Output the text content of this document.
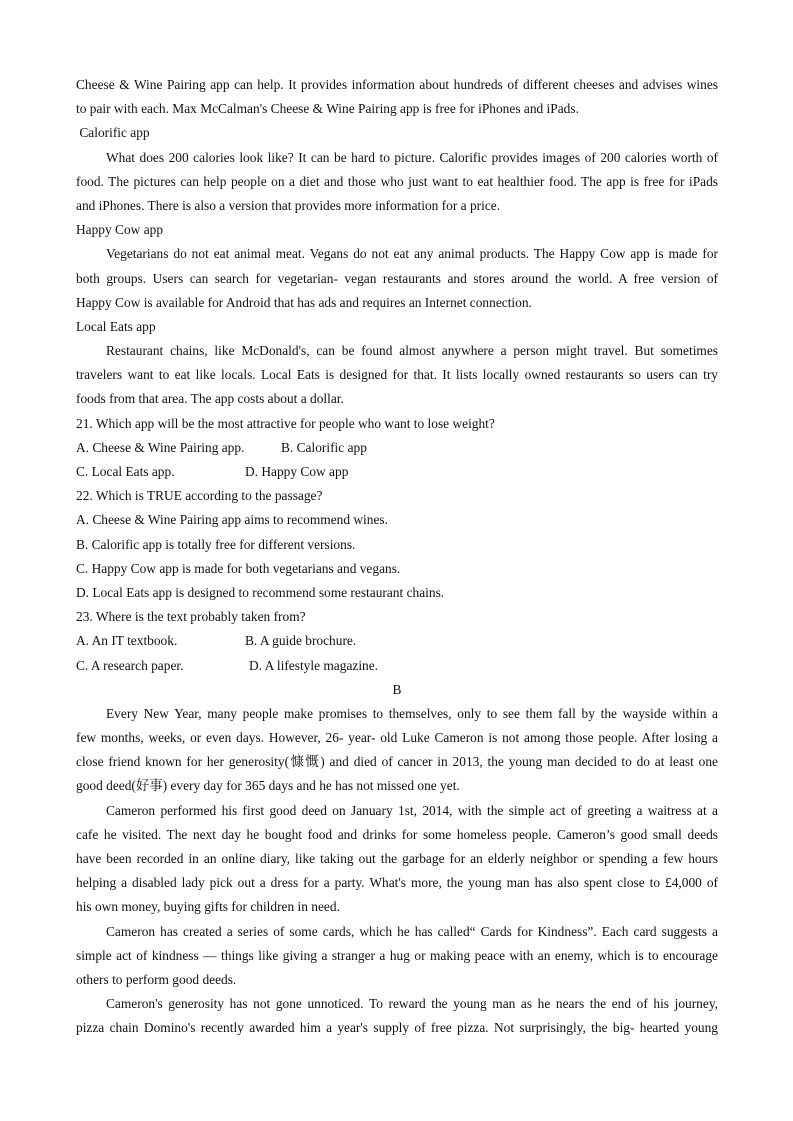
Cheese & Wine Pairing app can help. It provides information about hundreds of different cheeses and advises wines
to pair with each. Max McCalman's Cheese & Wine Pairing app is free for iPhones and iPads.
Calorific app
What does 200 calories look like? It can be hard to picture. Calorific provides images of 200 calories worth of
food. The pictures can help people on a diet and those who just want to eat healthier food. The app is free for iPads
and iPhones. There is also a version that provides more information for a price.
Happy Cow app
Vegetarians do not eat animal meat. Vegans do not eat any animal products. The Happy Cow app is made for
both groups. Users can search for vegetarian- vegan restaurants and stores around the world. A free version of
Happy Cow is available for Android that has ads and requires an Internet connection.
Local Eats app
Restaurant chains, like McDonald's, can be found almost anywhere a person might travel. But sometimes
travelers want to eat like locals. Local Eats is designed for that. It lists locally owned restaurants so users can try
foods from that area. The app costs about a dollar.
21. Which app will be the most attractive for people who want to lose weight?
A. Cheese & Wine Pairing app.	B. Calorific app
C. Local Eats app.	D. Happy Cow app
22. Which is TRUE according to the passage?
A. Cheese & Wine Pairing app aims to recommend wines.
B. Calorific app is totally free for different versions.
C. Happy Cow app is made for both vegetarians and vegans.
D. Local Eats app is designed to recommend some restaurant chains.
23. Where is the text probably taken from?
A. An IT textbook.	B. A guide brochure.
C. A research paper.	D. A lifestyle magazine.
B
Every New Year, many people make promises to themselves, only to see them fall by the wayside within a
few months, weeks, or even days. However, 26- year- old Luke Cameron is not among those people. After losing a
close friend known for her generosity(慷慨) and died of cancer in 2013, the young man decided to do at least one
good deed(好事) every day for 365 days and he has not missed one yet.
Cameron performed his first good deed on January 1st, 2014, with the simple act of greeting a waitress at a
cafe he visited. The next day he bought food and drinks for some homeless people. Cameron’s good small deeds
have been recorded in an online diary, like taking out the garbage for an elderly neighbor or spending a few hours
helping a disabled lady pick out a dress for a party. What's more, the young man has also spent close to £4,000 of
his own money, buying gifts for children in need.
Cameron has created a series of some cards, which he has called“ Cards for Kindness”. Each card suggests a
simple act of kindness — things like giving a stranger a hug or making peace with an enemy, which is to encourage
others to perform good deeds.
Cameron's generosity has not gone unnoticed. To reward the young man as he nears the end of his journey,
pizza chain Domino's recently awarded him a year's supply of free pizza. Not surprisingly, the big- hearted young
